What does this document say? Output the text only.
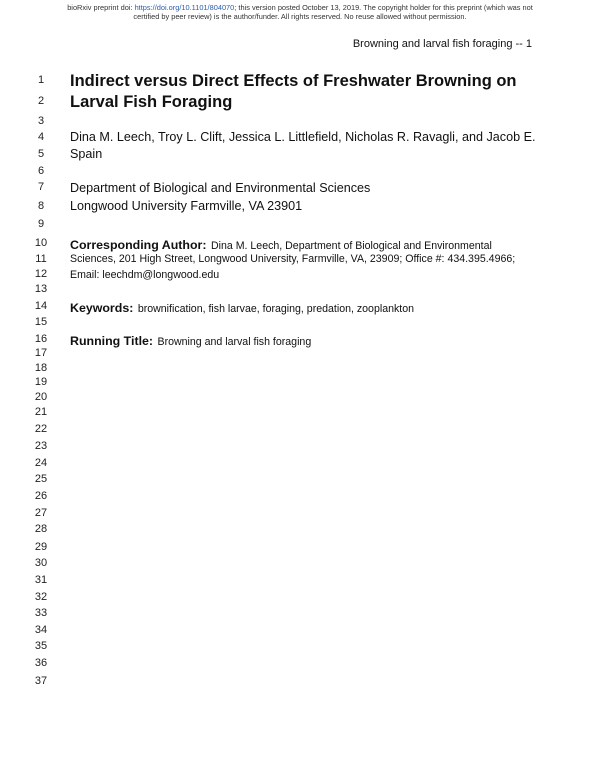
bioRxiv preprint doi: https://doi.org/10.1101/804070; this version posted October 13, 2019. The copyright holder for this preprint (which was not
certified by peer review) is the author/funder. All rights reserved. No reuse allowed without permission.
Browning and larval fish foraging -- 1
1
2
3
4
5
6
7
8
9
10
11
12
13
14
15
16
17
18
19
20
21
22
23
24
25
26
27
28
29
30
31
32
33
34
35
36
37
Indirect versus Direct Effects of Freshwater Browning on
Larval Fish Foraging
Dina M. Leech, Troy L. Clift, Jessica L. Littlefield, Nicholas R. Ravagli, and Jacob E.
Spain
Department of Biological and Environmental Sciences
Longwood University Farmville, VA 23901
Corresponding Author: Dina M. Leech, Department of Biological and Environmental
Sciences, 201 High Street, Longwood University, Farmville, VA, 23909; Office #: 434.395.4966;
Email: leechdm@longwood.edu
Keywords: brownification, fish larvae, foraging, predation, zooplankton
Running Title: Browning and larval fish foraging
